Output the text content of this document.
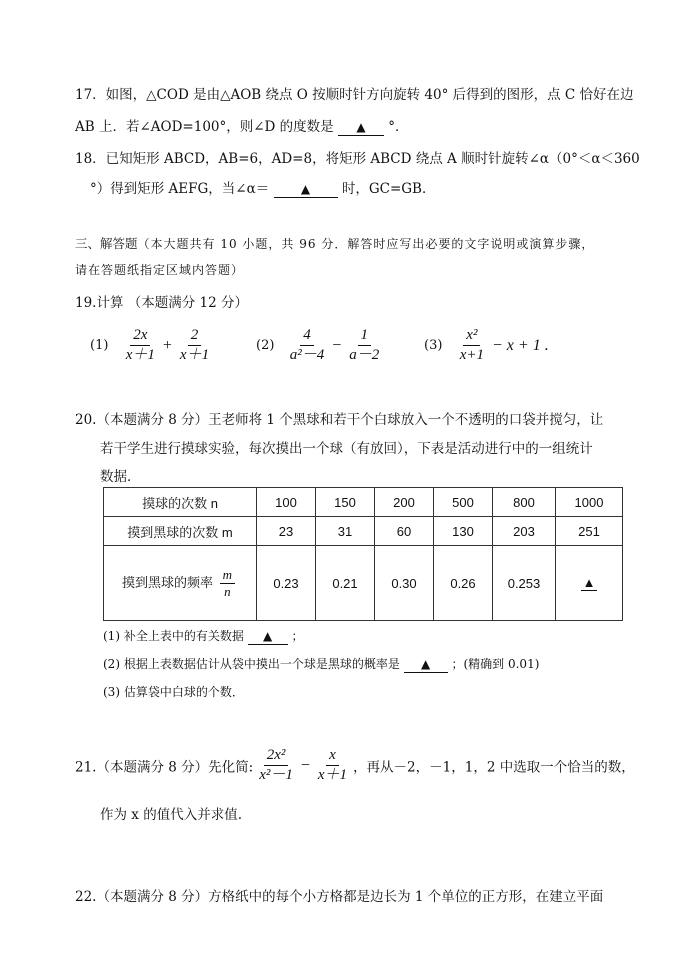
17．如图，△COD 是由△AOB 绕点 O 按顺时针方向旋转 40° 后得到的图形，点 C 恰好在边
AB 上．若∠AOD=100°，则∠D 的度数是 ▲ °．
18．已知矩形 ABCD，AB=6，AD=8，将矩形 ABCD 绕点 A 顺时针旋转∠α（0°＜α＜360
°）得到矩形 AEFG，当∠α＝	▲ 时，GC=GB．
三、解答题（本大题共有 10 小题，共 96 分．解答时应写出必要的文字说明或演算步骤，
请在答题纸指定区域内答题）
19.计算 （本题满分 12 分）
$(1) \frac{2x}{x+1} + \frac{2}{x+1}$	$(2) \frac{4}{\text{a²－4}} - \frac{1}{a-2}$	$(3) \frac{\text{x²}}{x+1} - x + 1$ .
20.（本题满分 8 分）王老师将 1 个黑球和若干个白球放入一个不透明的口袋并搅匀，让
若干学生进行摸球实验，每次摸出一个球（有放回），下表是活动进行中的一组统计
数据．
摸球的次数 n	100	150	200	500	800	1000
摸到黑球的次数 m	23	31	60	130	203	251
摸到黑球的频率 $\frac{m}{n}$	0.23	0.21	0.30	0.26	0.253	▲
(1) 补全上表中的有关数据 ▲ ；
(2) 根据上表数据估计从袋中摸出一个球是黑球的概率是 ▲ ；(精确到 0.01)
(3) 估算袋中白球的个数．
21.（本题满分 8 分）先化简: $\frac{\text{2x²}}{\text{x²－1}} - \frac{x}{x+1}$ ，再从－2，－1，1，2 中选取一个恰当的数，
作为 x 的值代入并求值.
22.（本题满分 8 分）方格纸中的每个小方格都是边长为 1 个单位的正方形，在建立平面
